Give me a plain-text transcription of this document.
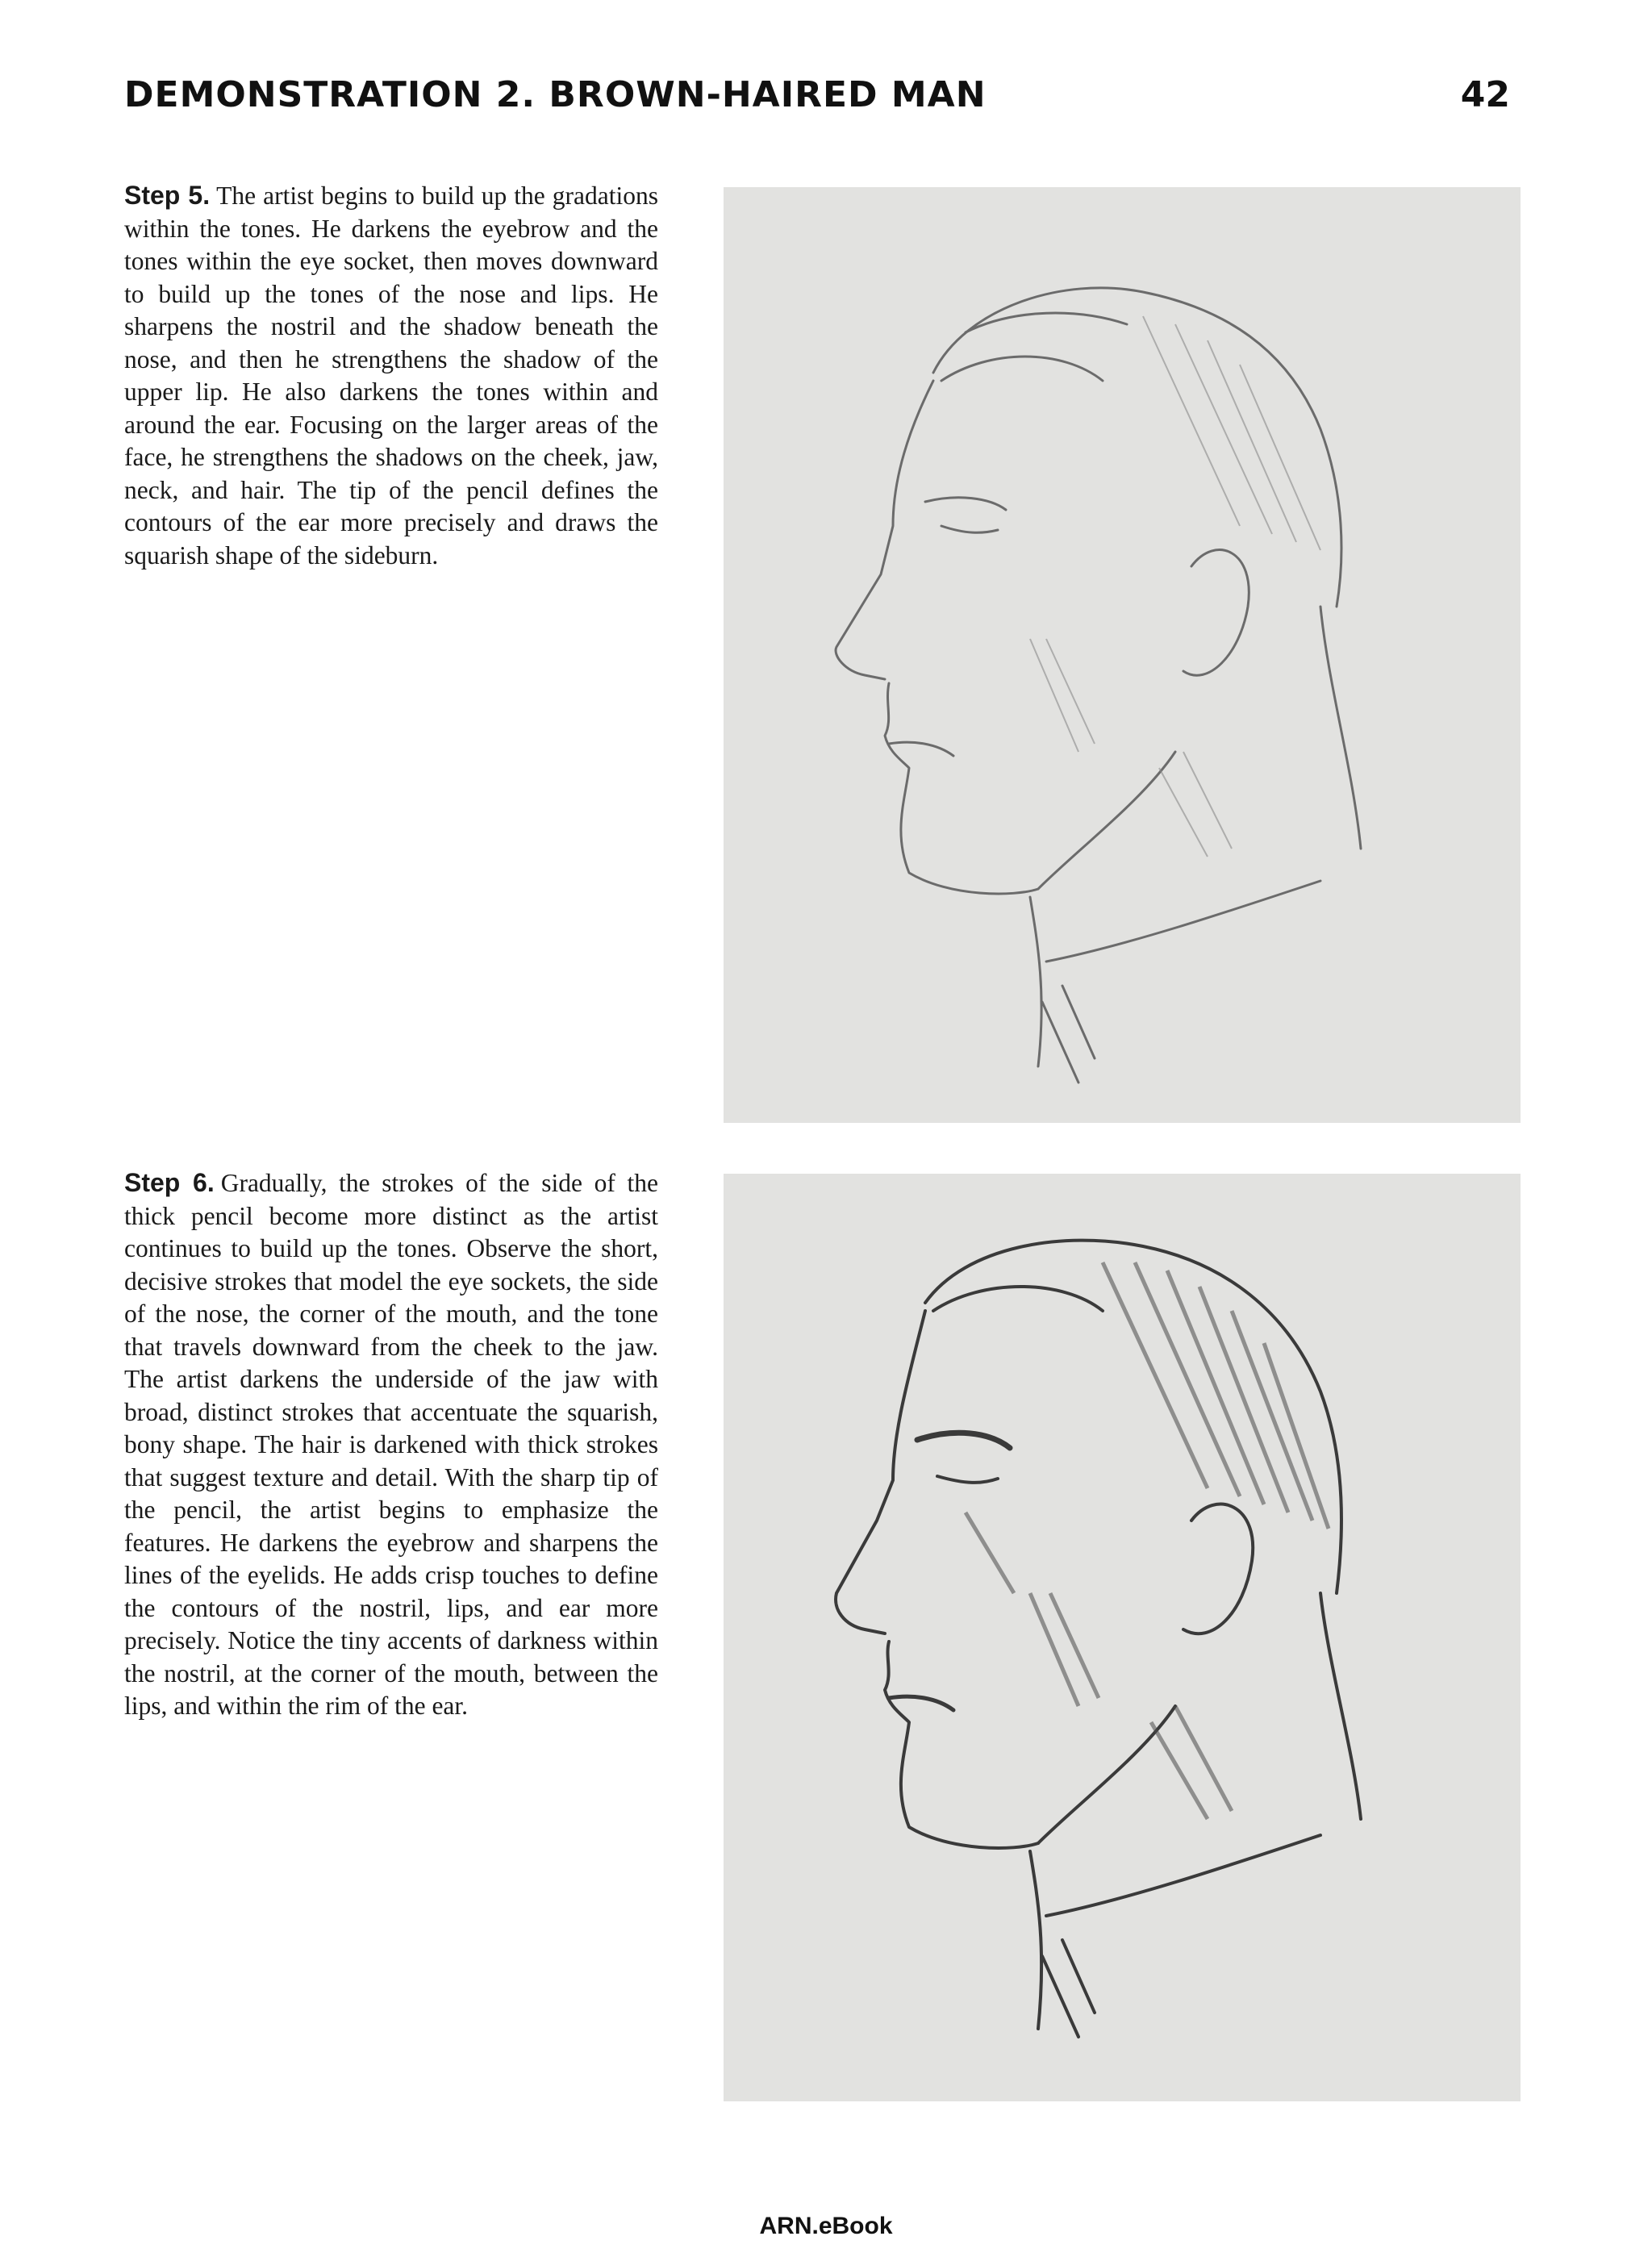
DEMONSTRATION 2. BROWN-HAIRED MAN	42
Step 5. The artist begins to build up the gradations within the tones. He darkens the eyebrow and the tones within the eye socket, then moves downward to build up the tones of the nose and lips. He sharpens the nostril and the shadow beneath the nose, and then he strengthens the shadow of the upper lip. He also darkens the tones within and around the ear. Focusing on the larger areas of the face, he strengthens the shadows on the cheek, jaw, neck, and hair. The tip of the pencil defines the contours of the ear more precisely and draws the squarish shape of the sideburn.
Step 6. Gradually, the strokes of the side of the thick pencil become more distinct as the artist continues to build up the tones. Observe the short, decisive strokes that model the eye sockets, the side of the nose, the corner of the mouth, and the tone that travels downward from the cheek to the jaw. The artist darkens the underside of the jaw with broad, distinct strokes that accentuate the squarish, bony shape. The hair is darkened with thick strokes that suggest texture and detail. With the sharp tip of the pencil, the artist begins to emphasize the features. He darkens the eyebrow and sharpens the lines of the eyelids. He adds crisp touches to define the contours of the nostril, lips, and ear more precisely. Notice the tiny accents of darkness within the nostril, at the corner of the mouth, between the lips, and within the rim of the ear.
ARN.eBook
